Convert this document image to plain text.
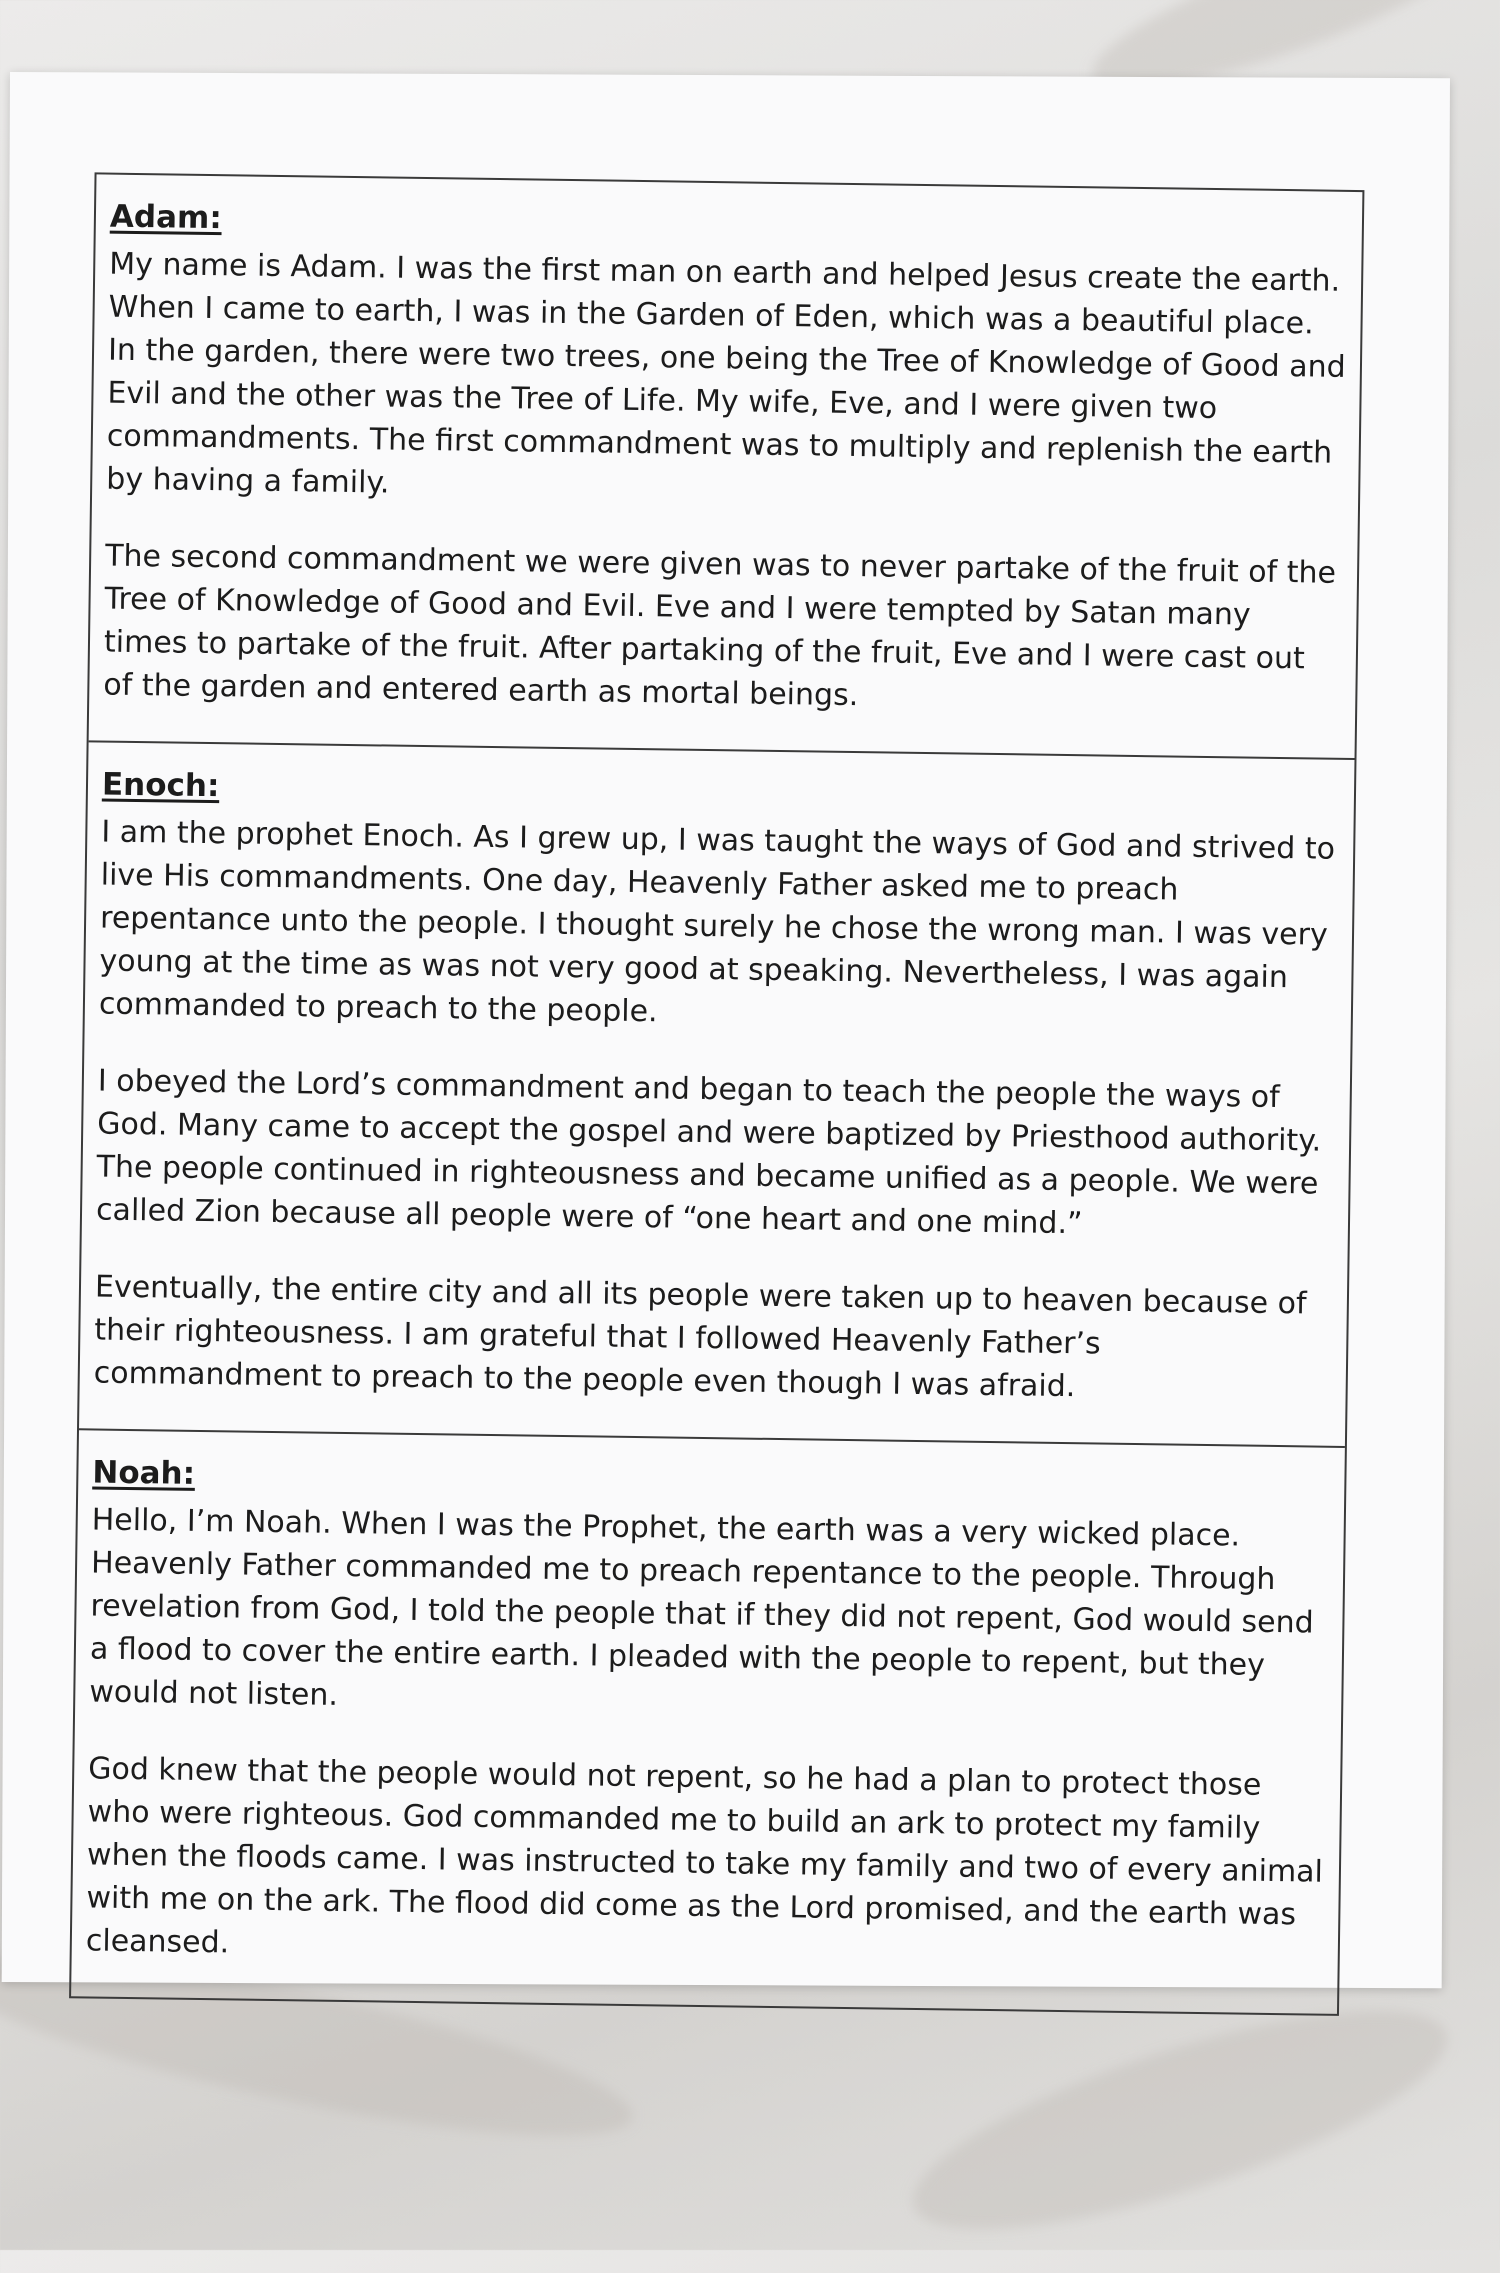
Adam:

My name is Adam. I was the first man on earth and helped Jesus create the earth. When I came to earth, I was in the Garden of Eden, which was a beautiful place. In the garden, there were two trees, one being the Tree of Knowledge of Good and Evil and the other was the Tree of Life. My wife, Eve, and I were given two commandments. The first commandment was to multiply and replenish the earth by having a family.

The second commandment we were given was to never partake of the fruit of the Tree of Knowledge of Good and Evil. Eve and I were tempted by Satan many times to partake of the fruit. After partaking of the fruit, Eve and I were cast out of the garden and entered earth as mortal beings.

Enoch:

I am the prophet Enoch. As I grew up, I was taught the ways of God and strived to live His commandments. One day, Heavenly Father asked me to preach repentance unto the people. I thought surely he chose the wrong man. I was very young at the time as was not very good at speaking. Nevertheless, I was again commanded to preach to the people.

I obeyed the Lord’s commandment and began to teach the people the ways of God. Many came to accept the gospel and were baptized by Priesthood authority. The people continued in righteousness and became unified as a people. We were called Zion because all people were of “one heart and one mind.”

Eventually, the entire city and all its people were taken up to heaven because of their righteousness. I am grateful that I followed Heavenly Father’s commandment to preach to the people even though I was afraid.

Noah:

Hello, I’m Noah. When I was the Prophet, the earth was a very wicked place. Heavenly Father commanded me to preach repentance to the people. Through revelation from God, I told the people that if they did not repent, God would send a flood to cover the entire earth. I pleaded with the people to repent, but they would not listen.

God knew that the people would not repent, so he had a plan to protect those who were righteous. God commanded me to build an ark to protect my family when the floods came. I was instructed to take my family and two of every animal with me on the ark. The flood did come as the Lord promised, and the earth was cleansed.
